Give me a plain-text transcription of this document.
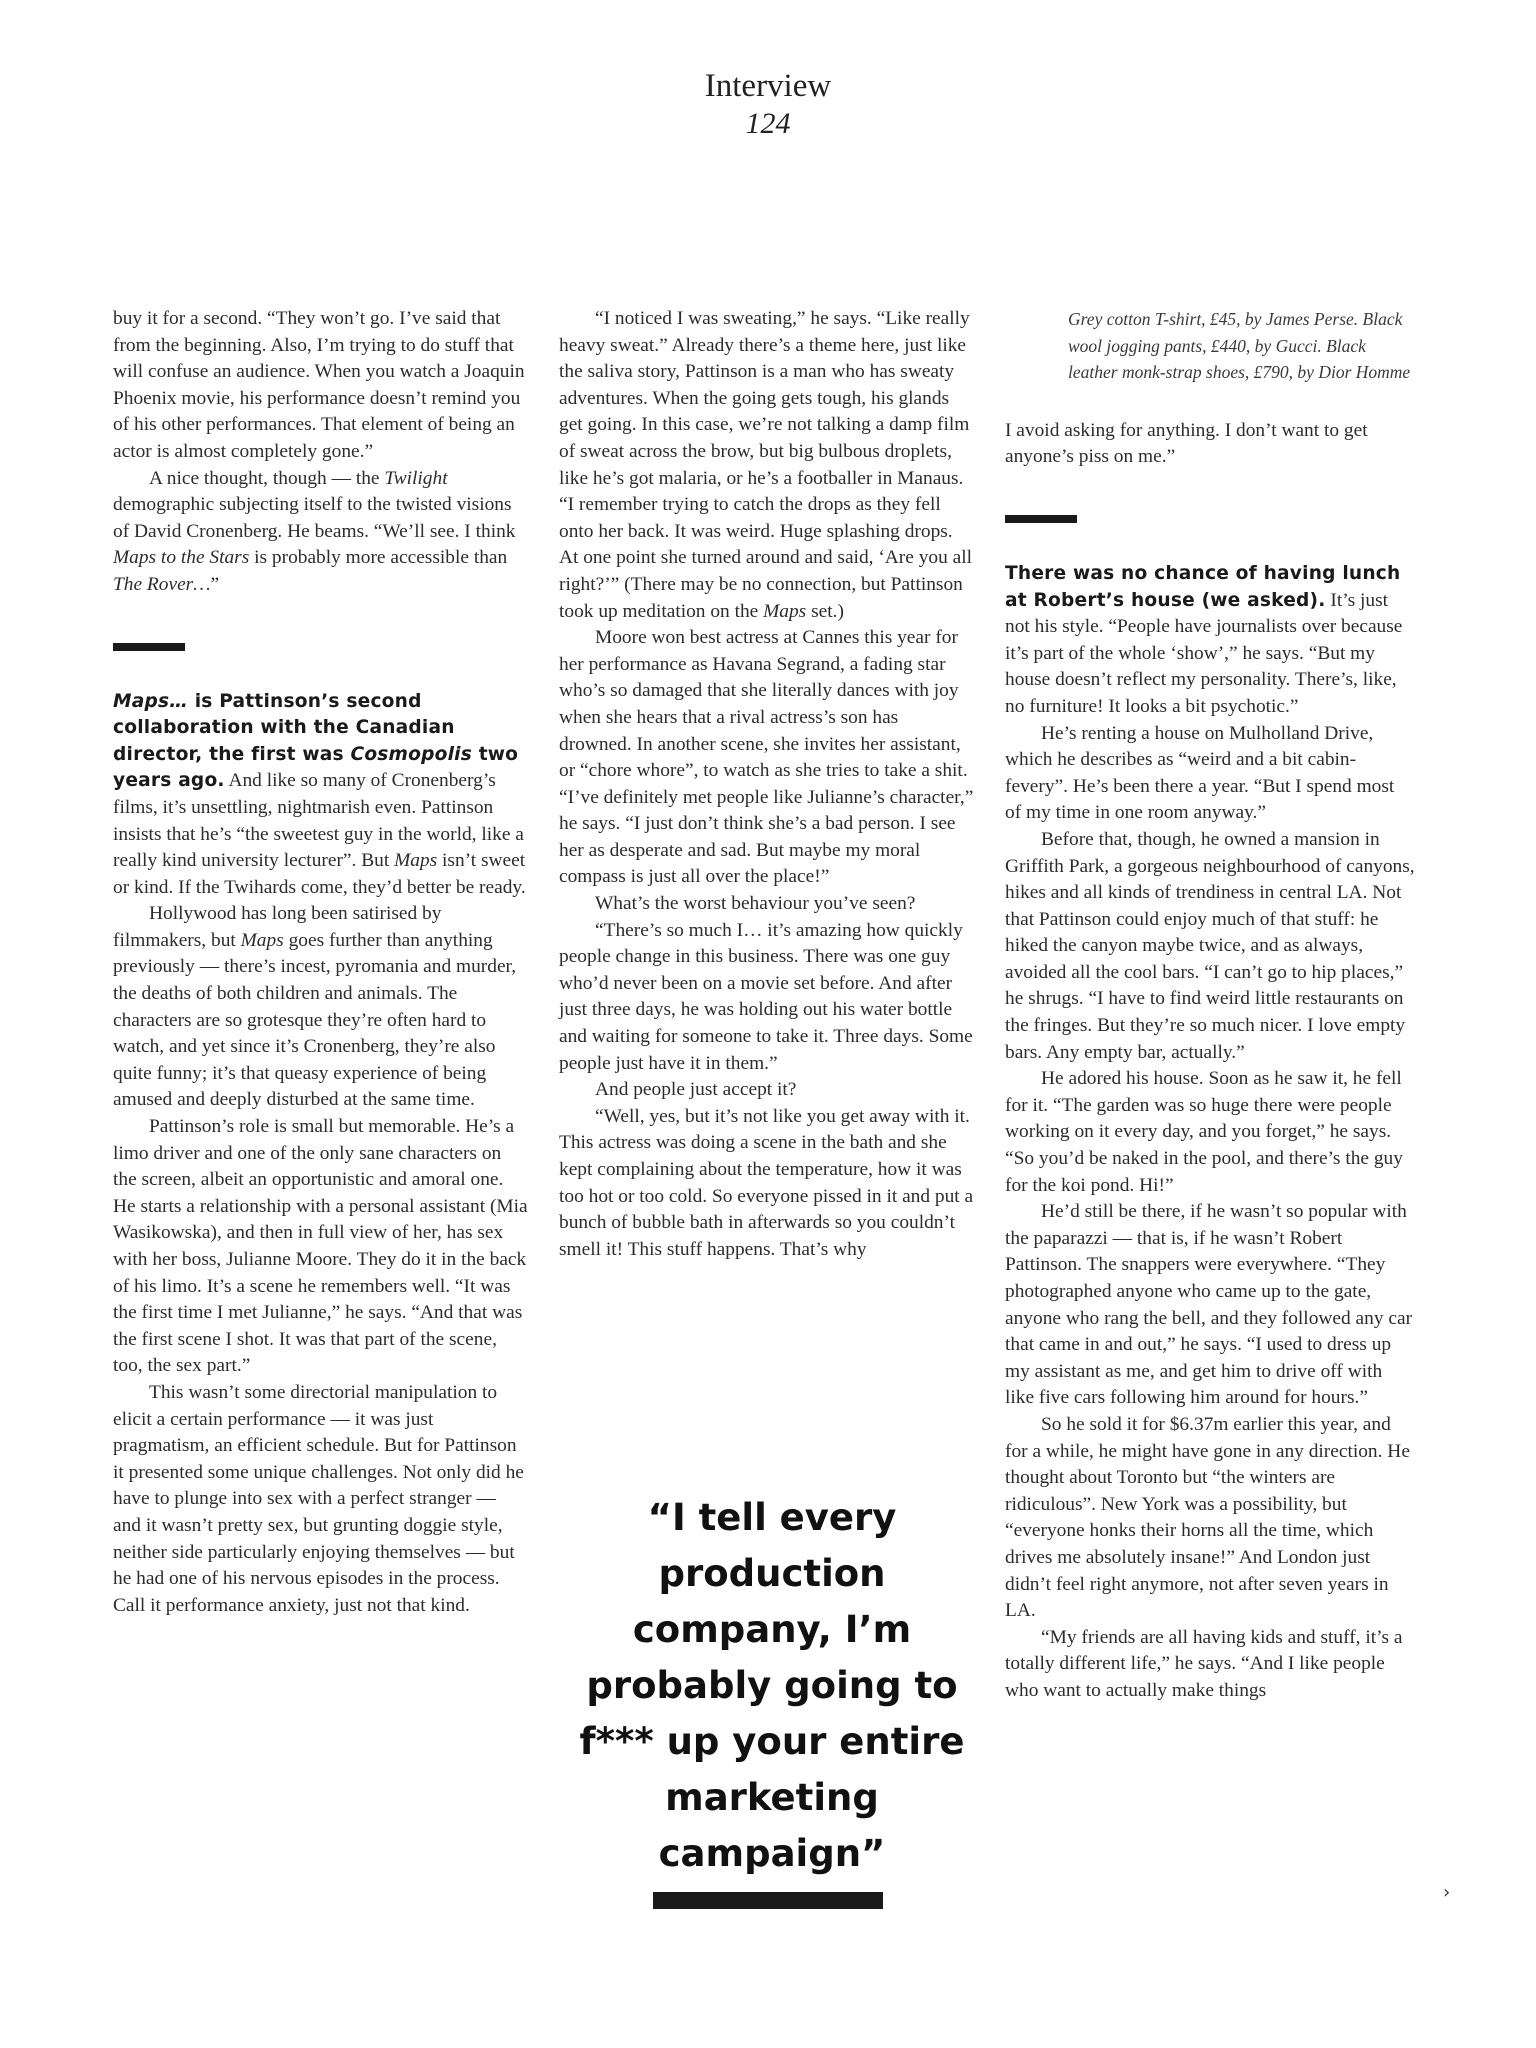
Interview
124

buy it for a second. “They won’t go. I’ve said that from the beginning. Also, I’m trying to do stuff that will confuse an audience. When you watch a Joaquin Phoenix movie, his performance doesn’t remind you of his other performances. That element of being an actor is almost completely gone.”

A nice thought, though — the Twilight demographic subjecting itself to the twisted visions of David Cronenberg. He beams. “We’ll see. I think Maps to the Stars is probably more accessible than The Rover…”

Maps… is Pattinson’s second collaboration with the Canadian director, the first was Cosmopolis two years ago. And like so many of Cronenberg’s films, it’s unsettling, nightmarish even. Pattinson insists that he’s “the sweetest guy in the world, like a really kind university lecturer”. But Maps isn’t sweet or kind. If the Twihards come, they’d better be ready.

Hollywood has long been satirised by filmmakers, but Maps goes further than anything previously — there’s incest, pyromania and murder, the deaths of both children and animals. The characters are so grotesque they’re often hard to watch, and yet since it’s Cronenberg, they’re also quite funny; it’s that queasy experience of being amused and deeply disturbed at the same time.

Pattinson’s role is small but memorable. He’s a limo driver and one of the only sane characters on the screen, albeit an opportunistic and amoral one. He starts a relationship with a personal assistant (Mia Wasikowska), and then in full view of her, has sex with her boss, Julianne Moore. They do it in the back of his limo. It’s a scene he remembers well. “It was the first time I met Julianne,” he says. “And that was the first scene I shot. It was that part of the scene, too, the sex part.”

This wasn’t some directorial manipulation to elicit a certain performance — it was just pragmatism, an efficient schedule. But for Pattinson it presented some unique challenges. Not only did he have to plunge into sex with a perfect stranger — and it wasn’t pretty sex, but grunting doggie style, neither side particularly enjoying themselves — but he had one of his nervous episodes in the process. Call it performance anxiety, just not that kind.

“I noticed I was sweating,” he says. “Like really heavy sweat.” Already there’s a theme here, just like the saliva story, Pattinson is a man who has sweaty adventures. When the going gets tough, his glands get going. In this case, we’re not talking a damp film of sweat across the brow, but big bulbous droplets, like he’s got malaria, or he’s a footballer in Manaus. “I remember trying to catch the drops as they fell onto her back. It was weird. Huge splashing drops. At one point she turned around and said, ‘Are you all right?’” (There may be no connection, but Pattinson took up meditation on the Maps set.)

Moore won best actress at Cannes this year for her performance as Havana Segrand, a fading star who’s so damaged that she literally dances with joy when she hears that a rival actress’s son has drowned. In another scene, she invites her assistant, or “chore whore”, to watch as she tries to take a shit. “I’ve definitely met people like Julianne’s character,” he says. “I just don’t think she’s a bad person. I see her as desperate and sad. But maybe my moral compass is just all over the place!”

What’s the worst behaviour you’ve seen?

“There’s so much I… it’s amazing how quickly people change in this business. There was one guy who’d never been on a movie set before. And after just three days, he was holding out his water bottle and waiting for someone to take it. Three days. Some people just have it in them.”

And people just accept it?

“Well, yes, but it’s not like you get away with it. This actress was doing a scene in the bath and she kept complaining about the temperature, how it was too hot or too cold. So everyone pissed in it and put a bunch of bubble bath in afterwards so you couldn’t smell it! This stuff happens. That’s why

Grey cotton T-shirt, £45, by James Perse. Black wool jogging pants, £440, by Gucci. Black leather monk-strap shoes, £790, by Dior Homme

I avoid asking for anything. I don’t want to get anyone’s piss on me.”

There was no chance of having lunch at Robert’s house (we asked). It’s just not his style. “People have journalists over because it’s part of the whole ‘show’,” he says. “But my house doesn’t reflect my personality. There’s, like, no furniture! It looks a bit psychotic.”

He’s renting a house on Mulholland Drive, which he describes as “weird and a bit cabin-fevery”. He’s been there a year. “But I spend most of my time in one room anyway.”

Before that, though, he owned a mansion in Griffith Park, a gorgeous neighbourhood of canyons, hikes and all kinds of trendiness in central LA. Not that Pattinson could enjoy much of that stuff: he hiked the canyon maybe twice, and as always, avoided all the cool bars. “I can’t go to hip places,” he shrugs. “I have to find weird little restaurants on the fringes. But they’re so much nicer. I love empty bars. Any empty bar, actually.”

He adored his house. Soon as he saw it, he fell for it. “The garden was so huge there were people working on it every day, and you forget,” he says. “So you’d be naked in the pool, and there’s the guy for the koi pond. Hi!”

He’d still be there, if he wasn’t so popular with the paparazzi — that is, if he wasn’t Robert Pattinson. The snappers were everywhere. “They photographed anyone who came up to the gate, anyone who rang the bell, and they followed any car that came in and out,” he says. “I used to dress up my assistant as me, and get him to drive off with like five cars following him around for hours.”

So he sold it for $6.37m earlier this year, and for a while, he might have gone in any direction. He thought about Toronto but “the winters are ridiculous”. New York was a possibility, but “everyone honks their horns all the time, which drives me absolutely insane!” And London just didn’t feel right anymore, not after seven years in LA.

“My friends are all having kids and stuff, it’s a totally different life,” he says. “And I like people who want to actually make things

“I tell every production company, I’m probably going to f*** up your entire marketing campaign”
›
